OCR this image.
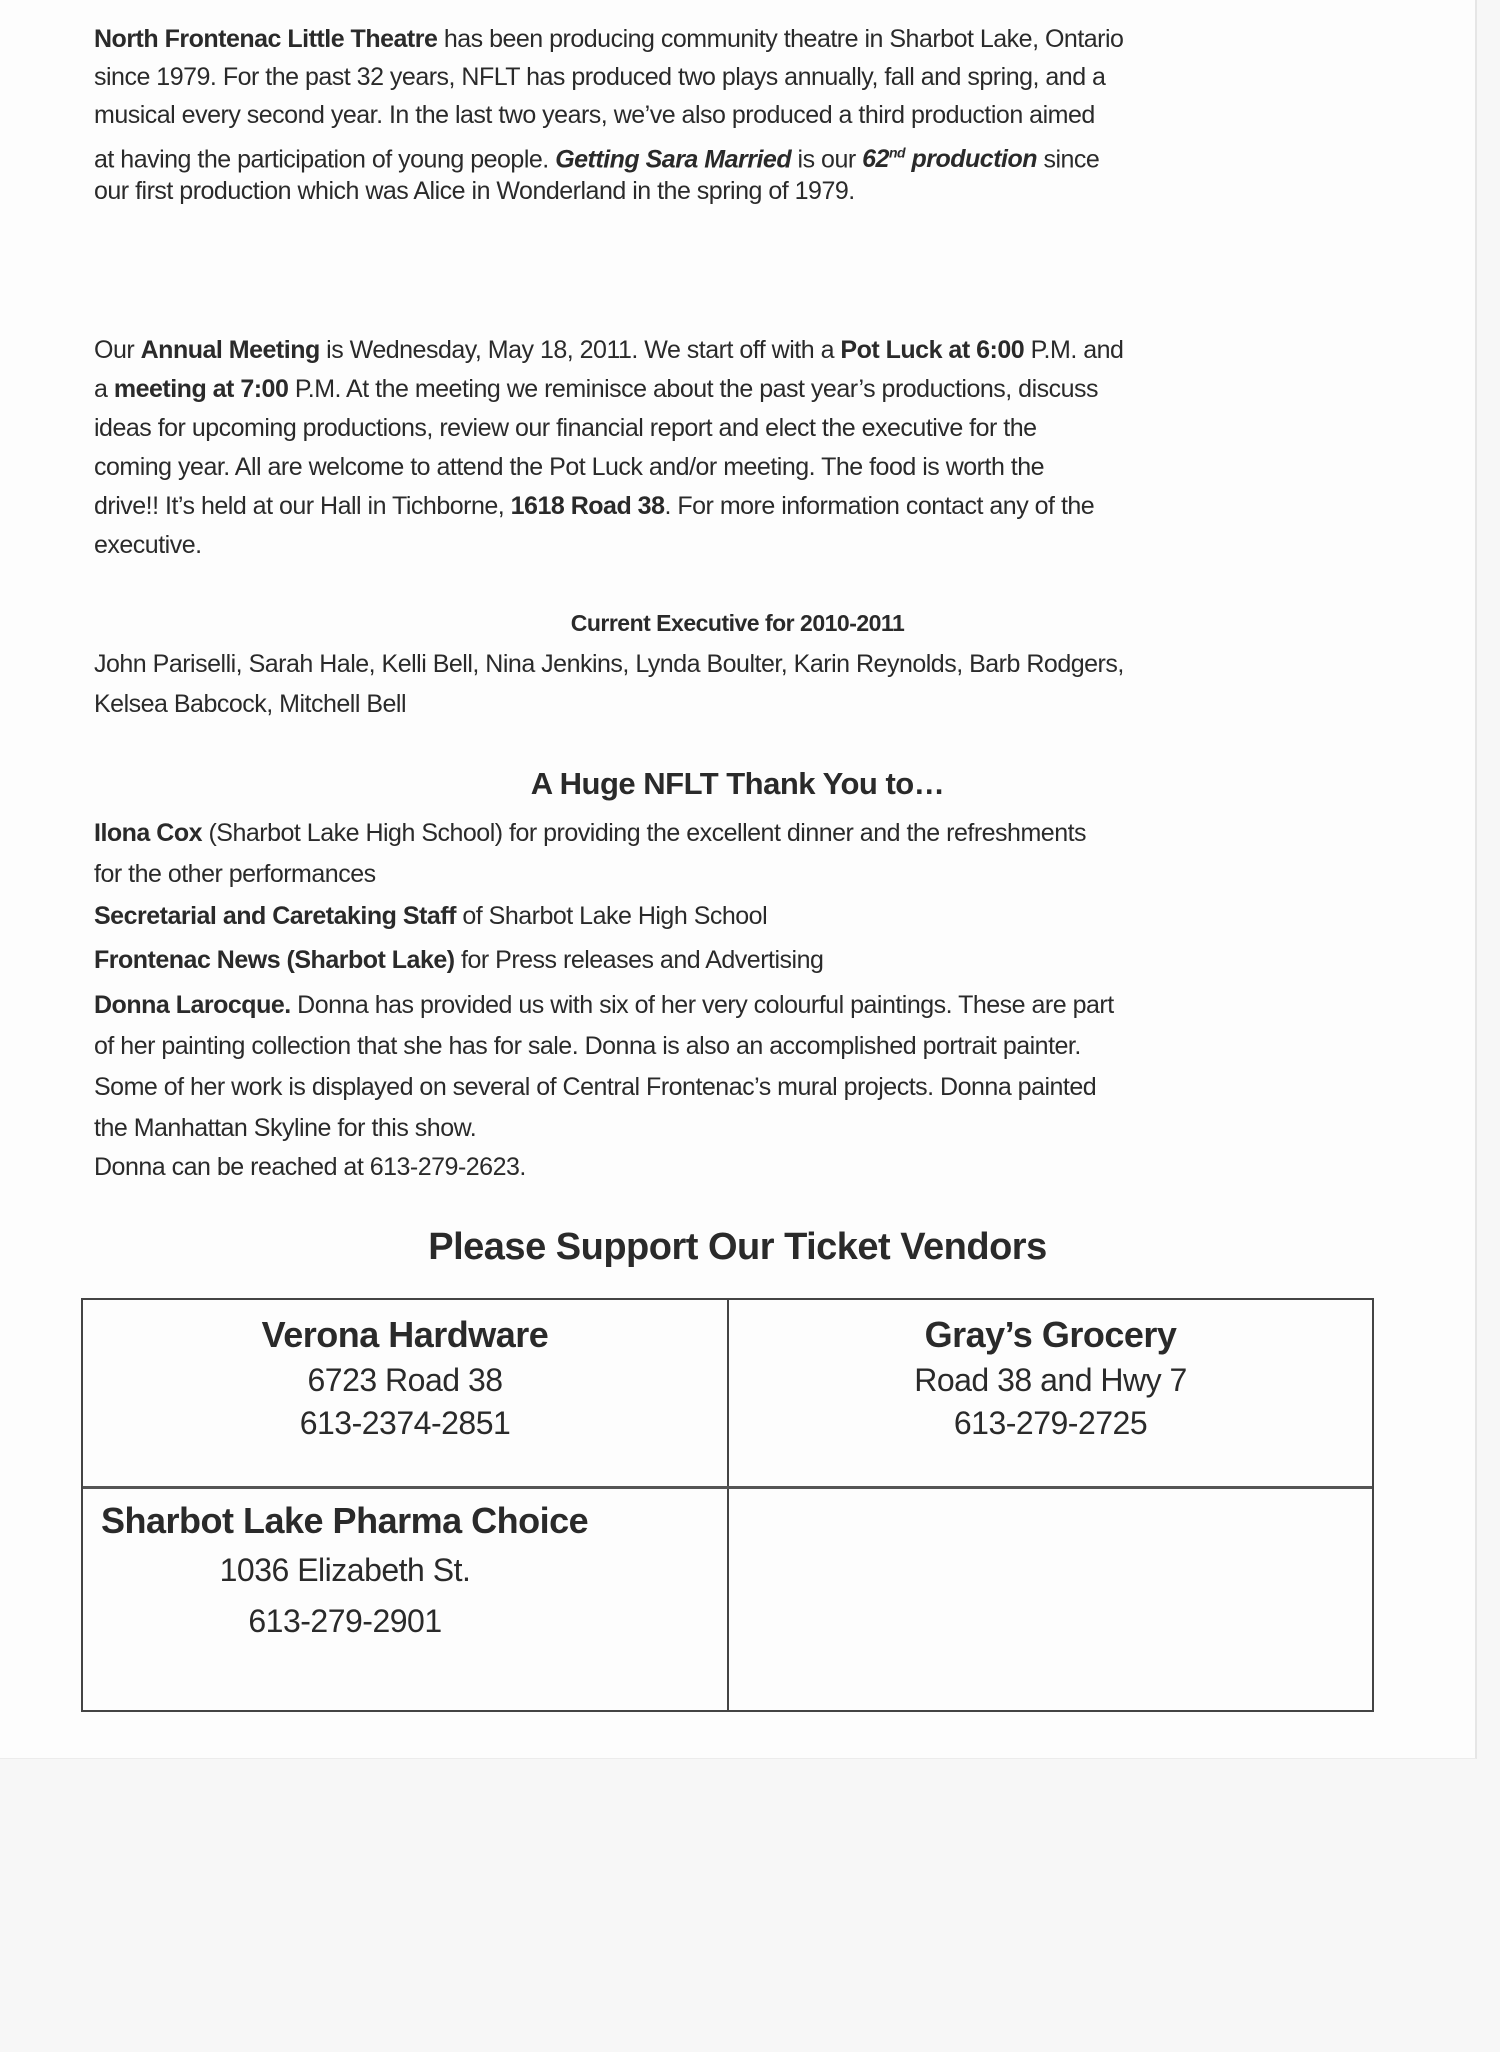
North Frontenac Little Theatre has been producing community theatre in Sharbot Lake, Ontario
since 1979. For the past 32 years, NFLT has produced two plays annually, fall and spring, and a
musical every second year. In the last two years, we’ve also produced a third production aimed
at having the participation of young people. Getting Sara Married is our 62nd production since
our first production which was Alice in Wonderland in the spring of 1979.
Our Annual Meeting is Wednesday, May 18, 2011. We start off with a Pot Luck at 6:00 P.M. and
a meeting at 7:00 P.M. At the meeting we reminisce about the past year’s productions, discuss
ideas for upcoming productions, review our financial report and elect the executive for the
coming year. All are welcome to attend the Pot Luck and/or meeting. The food is worth the
drive!! It’s held at our Hall in Tichborne, 1618 Road 38. For more information contact any of the
executive.
Current Executive for 2010-2011
John Pariselli, Sarah Hale, Kelli Bell, Nina Jenkins, Lynda Boulter, Karin Reynolds, Barb Rodgers,
Kelsea Babcock, Mitchell Bell
A Huge NFLT Thank You to…
Ilona Cox (Sharbot Lake High School) for providing the excellent dinner and the refreshments
for the other performances
Secretarial and Caretaking Staff of Sharbot Lake High School
Frontenac News (Sharbot Lake) for Press releases and Advertising
Donna Larocque. Donna has provided us with six of her very colourful paintings. These are part
of her painting collection that she has for sale. Donna is also an accomplished portrait painter.
Some of her work is displayed on several of Central Frontenac’s mural projects. Donna painted
the Manhattan Skyline for this show.
Donna can be reached at 613-279-2623.
Please Support Our Ticket Vendors
Verona Hardware
6723 Road 38
613-2374-2851
Gray’s Grocery
Road 38 and Hwy 7
613-279-2725
Sharbot Lake Pharma Choice
1036 Elizabeth St.
613-279-2901
